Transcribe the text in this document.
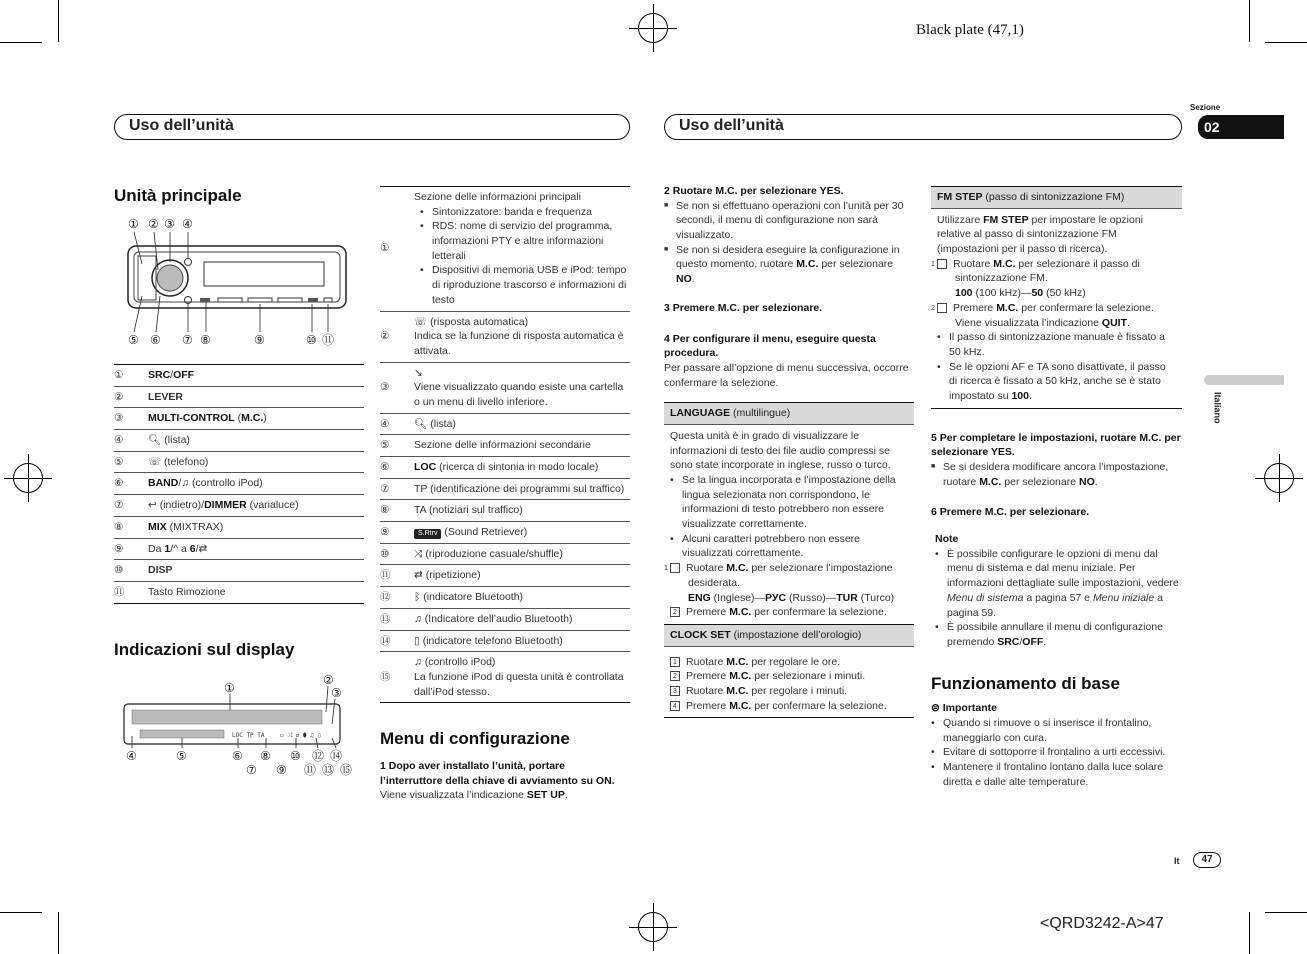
Black plate (47,1)
<QRD3242-A>47
Uso dell’unità	Uso dell’unità
Sezione
02
Italiano
Unità principale
① ② ③ ④
⑤ ⑥ ⑦ ⑧	⑨	⑩ ⑪
①	SRC/OFF
②	LEVER
③	MULTI-CONTROL (M.C.)
④	🔍︎ (lista)
⑤	☏ (telefono)
⑥	BAND/♫ (controllo iPod)
⑦	↩ (indietro)/DIMMER (varialuce)
⑧	MIX (MIXTRAX)
⑨	Da 1/^ a 6/⇄
⑩	DISP
⑪	Tasto Rimozione
Indicazioni sul display
①
②
③
④	⑤	⑥ ⑧ ⑩ ⑫ ⑭
⑦ ⑨ ⑪ ⑬ ⑮
LOC TP TA	▭ ⤨ ⇄ ⬮ ♫ ▯
①	Sezione delle informazioni principali
• Sintonizzatore: banda e frequenza
• RDS: nome di servizio del programma, informazioni PTY e altre informazioni letterali
• Dispositivi di memoria USB e iPod: tempo di riproduzione trascorso e informazioni di testo

②	☏ (risposta automatica)
Indica se la funzione di risposta automatica è attivata.

③	↘
Viene visualizzato quando esiste una cartella o un menu di livello inferiore.

④	🔍︎ (lista)
⑤	Sezione delle informazioni secondarie
⑥	LOC (ricerca di sintonia in modo locale)
⑦	TP (identificazione dei programmi sul traffico)
⑧	TA (notiziari sul traffico)
⑨	S.Rtrv (Sound Retriever)
⑩	⤨ (riproduzione casuale/shuffle)
⑪	⇄ (ripetizione)
⑫	ᛒ (indicatore Bluetooth)
⑬	♫ (Indicatore dell’audio Bluetooth)
⑭	▯ (indicatore telefono Bluetooth)
⑮	♫ (controllo iPod)
La funzione iPod di questa unità è controllata dall’iPod stesso.
Menu di configurazione
1 Dopo aver installato l’unità, portare l’interruttore della chiave di avviamento su ON.
Viene visualizzata l’indicazione SET UP.
2 Ruotare M.C. per selezionare YES.
■ Se non si effettuano operazioni con l’unità per 30 secondi, il menu di configurazione non sarà visualizzato.
■ Se non si desidera eseguire la configurazione in questo momento, ruotare M.C. per selezionare NO.
3 Premere M.C. per selezionare.
4 Per configurare il menu, eseguire questa procedura.
Per passare all’opzione di menu successiva, occorre confermare la selezione.
LANGUAGE (multilingue)
Questa unità è in grado di visualizzare le informazioni di testo dei file audio compressi se sono state incorporate in inglese, russo o turco.
• Se la lingua incorporata e l’impostazione della lingua selezionata non corrispondono, le informazioni di testo potrebbero non essere visualizzate correttamente.
• Alcuni caratteri potrebbero non essere visualizzati correttamente.
1 Ruotare M.C. per selezionare l’impostazione desiderata.
ENG (Inglese)—РУС (Russo)—TUR (Turco)
2 Premere M.C. per confermare la selezione.
CLOCK SET (impostazione dell’orologio)
1 Ruotare M.C. per regolare le ore.
2 Premere M.C. per selezionare i minuti.
3 Ruotare M.C. per regolare i minuti.
4 Premere M.C. per confermare la selezione.
FM STEP (passo di sintonizzazione FM)
Utilizzare FM STEP per impostare le opzioni relative al passo di sintonizzazione FM (impostazioni per il passo di ricerca).
1 Ruotare M.C. per selezionare il passo di sintonizzazione FM.
100 (100 kHz)—50 (50 kHz)
2 Premere M.C. per confermare la selezione. Viene visualizzata l’indicazione QUIT.
• Il passo di sintonizzazione manuale è fissato a 50 kHz.
• Se le opzioni AF e TA sono disattivate, il passo di ricerca è fissato a 50 kHz, anche se è stato impostato su 100.
5 Per completare le impostazioni, ruotare M.C. per selezionare YES.
■ Se si desidera modificare ancora l’impostazione, ruotare M.C. per selezionare NO.
6 Premere M.C. per selezionare.
Note
• È possibile configurare le opzioni di menu dal menu di sistema e dal menu iniziale. Per informazioni dettagliate sulle impostazioni, vedere Menu di sistema a pagina 57 e Menu iniziale a pagina 59.
• È possibile annullare il menu di configurazione premendo SRC/OFF.
Funzionamento di base
⊜ Importante
• Quando si rimuove o si inserisce il frontalino, maneggiarlo con cura.
• Evitare di sottoporre il frontalino a urti eccessivi.
• Mantenere il frontalino lontano dalla luce solare diretta e dalle alte temperature.
It	47
